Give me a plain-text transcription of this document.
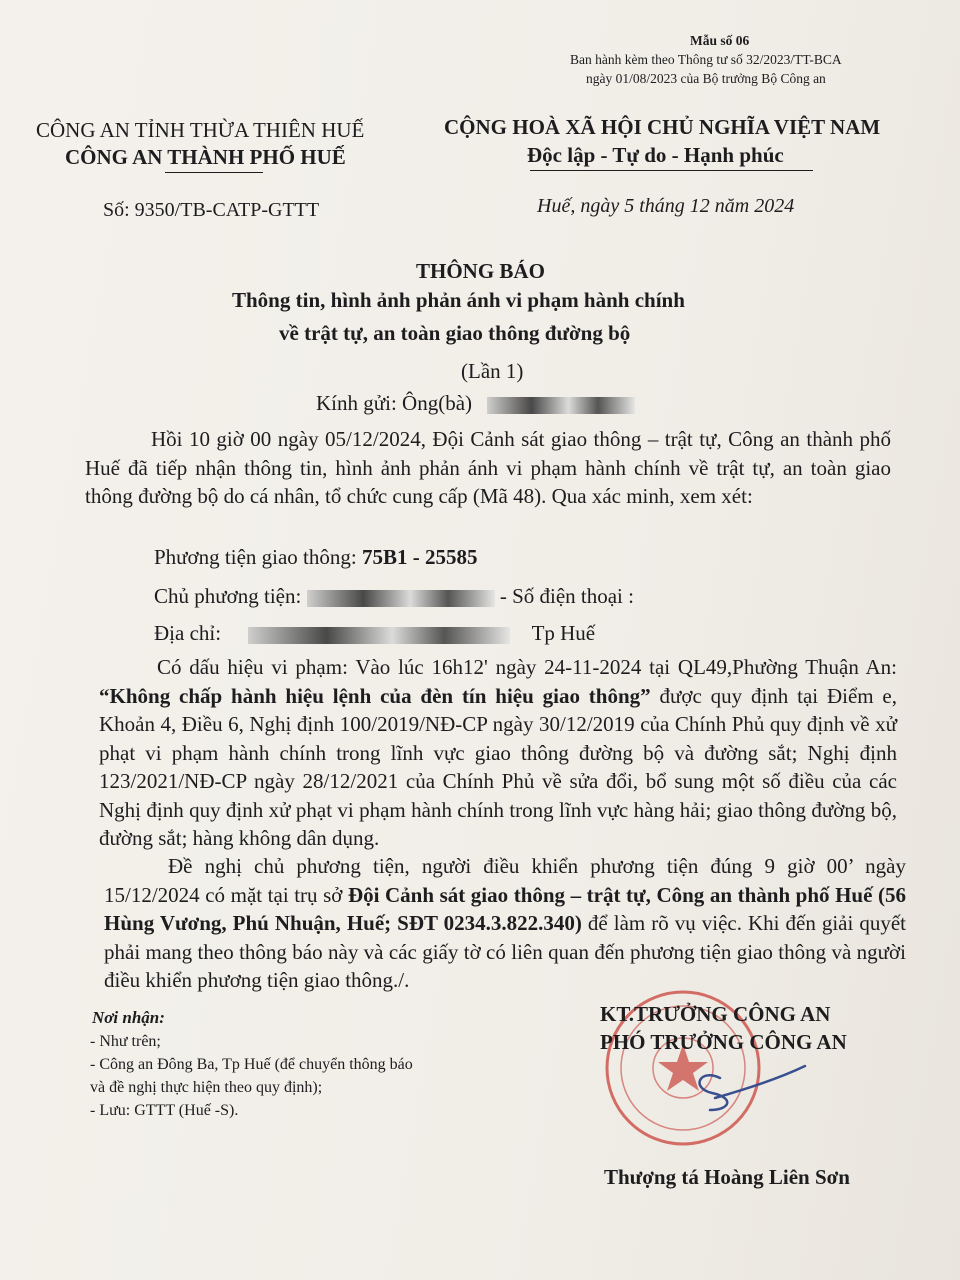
Mẫu số 06
Ban hành kèm theo Thông tư số 32/2023/TT-BCA
ngày 01/08/2023 của Bộ trưởng Bộ Công an
CÔNG AN TỈNH THỪA THIÊN HUẾ
CÔNG AN THÀNH PHỐ HUẾ
Số: 9350/TB-CATP-GTTT
CỘNG HOÀ XÃ HỘI CHỦ NGHĨA VIỆT NAM
Độc lập - Tự do - Hạnh phúc
Huế, ngày 5 tháng 12 năm 2024
THÔNG BÁO
Thông tin, hình ảnh phản ánh vi phạm hành chính
về trật tự, an toàn giao thông đường bộ
(Lần 1)
Kính gửi: Ông(bà)
Hồi 10 giờ 00 ngày 05/12/2024, Đội Cảnh sát giao thông – trật tự, Công an thành phố Huế đã tiếp nhận thông tin, hình ảnh phản ánh vi phạm hành chính về trật tự, an toàn giao thông đường bộ do cá nhân, tổ chức cung cấp (Mã 48). Qua xác minh, xem xét:
Phương tiện giao thông: 75B1 - 25585
Chủ phương tiện:	- Số điện thoại :
Địa chỉ:	Tp Huế
Có dấu hiệu vi phạm: Vào lúc 16h12' ngày 24-11-2024 tại QL49,Phường Thuận An: “Không chấp hành hiệu lệnh của đèn tín hiệu giao thông” được quy định tại Điểm e, Khoản 4, Điều 6, Nghị định 100/2019/NĐ-CP ngày 30/12/2019 của Chính Phủ quy định về xử phạt vi phạm hành chính trong lĩnh vực giao thông đường bộ và đường sắt; Nghị định 123/2021/NĐ-CP ngày 28/12/2021 của Chính Phủ về sửa đổi, bổ sung một số điều của các Nghị định quy định xử phạt vi phạm hành chính trong lĩnh vực hàng hải; giao thông đường bộ, đường sắt; hàng không dân dụng.
Đề nghị chủ phương tiện, người điều khiển phương tiện đúng 9 giờ 00’ ngày 15/12/2024 có mặt tại trụ sở Đội Cảnh sát giao thông – trật tự, Công an thành phố Huế (56 Hùng Vương, Phú Nhuận, Huế; SĐT 0234.3.822.340) để làm rõ vụ việc. Khi đến giải quyết phải mang theo thông báo này và các giấy tờ có liên quan đến phương tiện giao thông và người điều khiển phương tiện giao thông./.
Nơi nhận:
- Như trên;
- Công an Đông Ba, Tp Huế (để chuyển thông báo
và đề nghị thực hiện theo quy định);
- Lưu: GTTT (Huế -S).
KT.TRƯỞNG CÔNG AN
PHÓ TRƯỞNG CÔNG AN
Thượng tá Hoàng Liên Sơn
